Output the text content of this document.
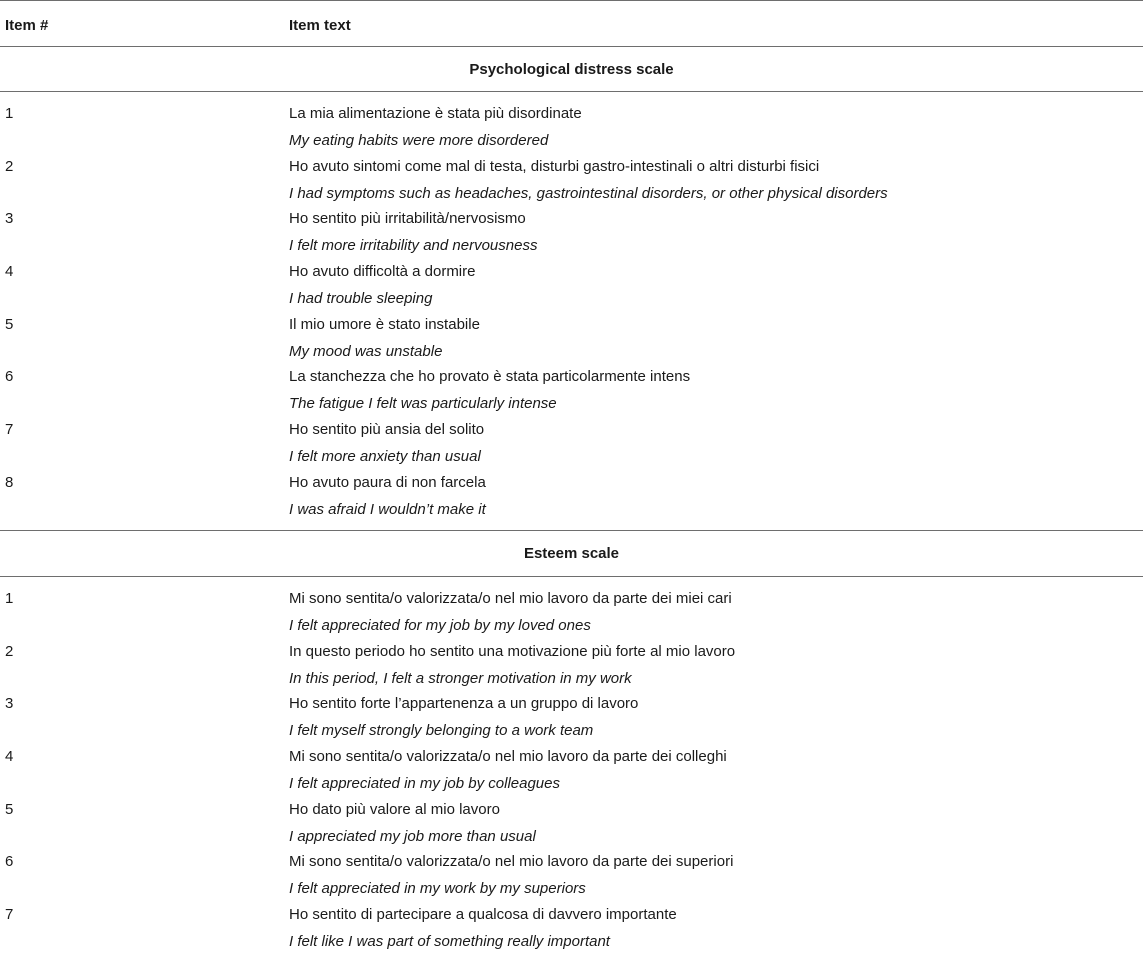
Item #	Item text
Psychological distress scale
1	La mia alimentazione è stata più disordinate
My eating habits were more disordered
2	Ho avuto sintomi come mal di testa, disturbi gastro-intestinali o altri disturbi fisici
I had symptoms such as headaches, gastrointestinal disorders, or other physical disorders
3	Ho sentito più irritabilità/nervosismo
I felt more irritability and nervousness
4	Ho avuto difficoltà a dormire
I had trouble sleeping
5	Il mio umore è stato instabile
My mood was unstable
6	La stanchezza che ho provato è stata particolarmente intens
The fatigue I felt was particularly intense
7	Ho sentito più ansia del solito
I felt more anxiety than usual
8	Ho avuto paura di non farcela
I was afraid I wouldn’t make it
Esteem scale
1	Mi sono sentita/o valorizzata/o nel mio lavoro da parte dei miei cari
I felt appreciated for my job by my loved ones
2	In questo periodo ho sentito una motivazione più forte al mio lavoro
In this period, I felt a stronger motivation in my work
3	Ho sentito forte l’appartenenza a un gruppo di lavoro
I felt myself strongly belonging to a work team
4	Mi sono sentita/o valorizzata/o nel mio lavoro da parte dei colleghi
I felt appreciated in my job by colleagues
5	Ho dato più valore al mio lavoro
I appreciated my job more than usual
6	Mi sono sentita/o valorizzata/o nel mio lavoro da parte dei superiori
I felt appreciated in my work by my superiors
7	Ho sentito di partecipare a qualcosa di davvero importante
I felt like I was part of something really important
